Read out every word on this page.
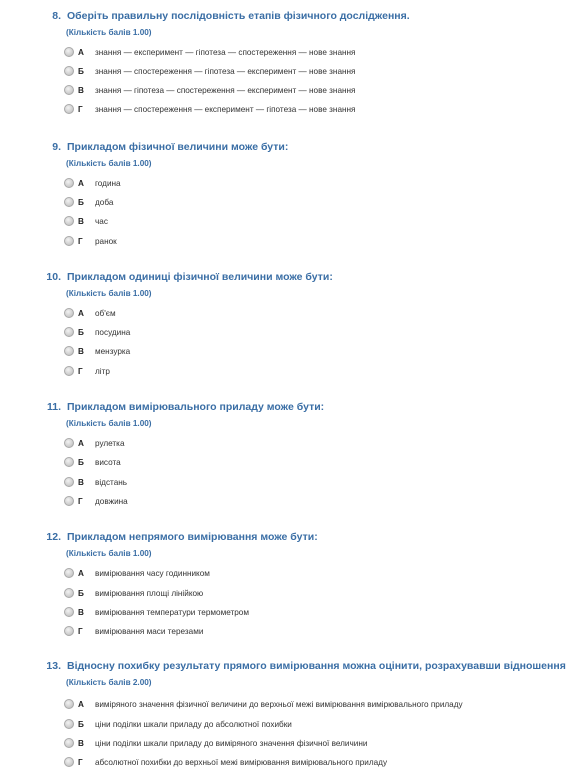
8. Оберіть правильну послідовність етапів фізичного дослідження.
(Кількість балів 1.00)
А	знання — експеримент — гіпотеза — спостереження — нове знання
Б	знання — спостереження — гіпотеза — експеримент — нове знання
В	знання — гіпотеза — спостереження — експеримент — нове знання
Г	знання — спостереження — експеримент — гіпотеза — нове знання
9. Прикладом фізичної величини може бути:
(Кількість балів 1.00)
А	година
Б	доба
В	час
Г	ранок
10. Прикладом одиниці фізичної величини може бути:
(Кількість балів 1.00)
А	об'єм
Б	посудина
В	мензурка
Г	літр
11. Прикладом вимірювального приладу може бути:
(Кількість балів 1.00)
А	рулетка
Б	висота
В	відстань
Г	довжина
12. Прикладом непрямого вимірювання може бути:
(Кількість балів 1.00)
А	вимірювання часу годинником
Б	вимірювання площі лінійкою
В	вимірювання температури термометром
Г	вимірювання маси терезами
13. Відносну похибку результату прямого вимірювання можна оцінити, розрахувавши відношення
(Кількість балів 2.00)
А	виміряного значення фізичної величини до верхньої межі вимірювання вимірювального приладу
Б	ціни поділки шкали приладу до абсолютної похибки
В	ціни поділки шкали приладу до виміряного значення фізичної величини
Г	абсолютної похибки до верхньої межі вимірювання вимірювального приладу
